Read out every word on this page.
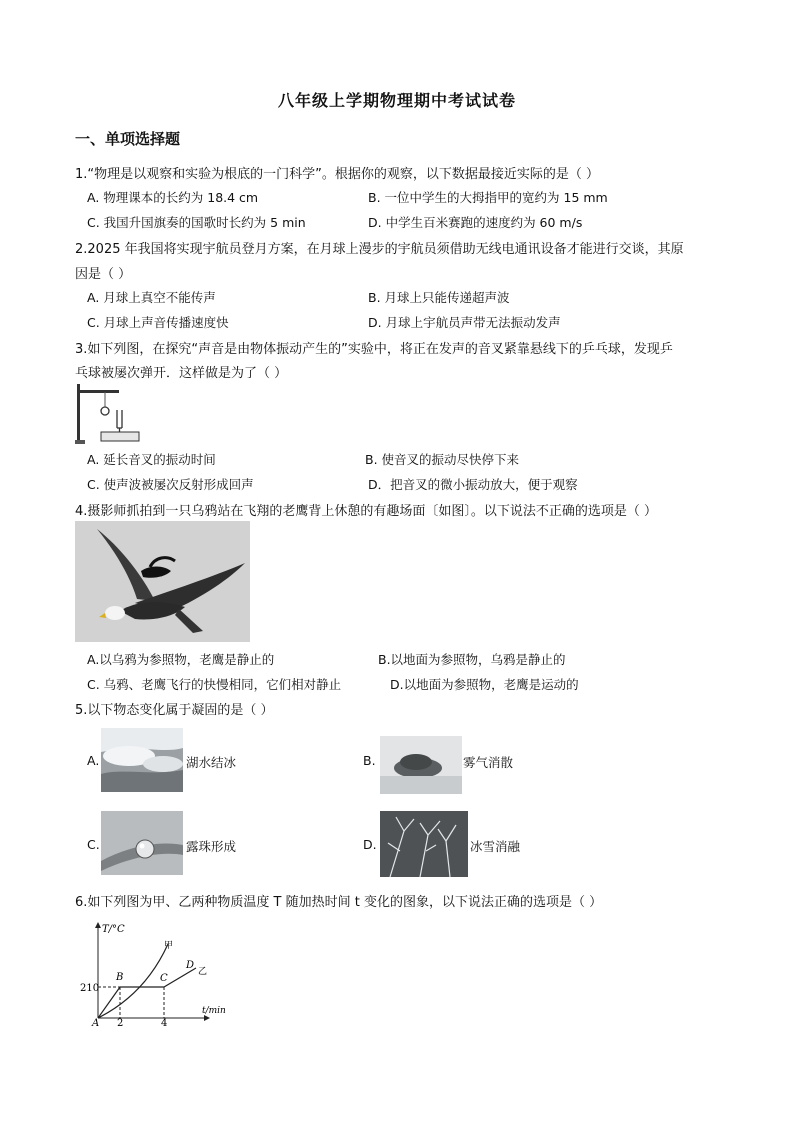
八年级上学期物理期中考试试卷
一、单项选择题
1.“物理是以观察和实验为根底的一门科学”。根据你的观察，以下数据最接近实际的是（ ）
A. 物理课本的长约为 18.4 cm	B. 一位中学生的大拇指甲的宽约为 15 mm
C. 我国升国旗奏的国歌时长约为 5 min	D. 中学生百米赛跑的速度约为 60 m/s
2.2025 年我国将实现宇航员登月方案，在月球上漫步的宇航员须借助无线电通讯设备才能进行交谈，其原
因是（ ）
A. 月球上真空不能传声	B. 月球上只能传递超声波
C. 月球上声音传播速度快	D. 月球上宇航员声带无法振动发声
3.如下列图，在探究“声音是由物体振动产生的”实验中，将正在发声的音叉紧靠悬线下的乒乓球，发现乒
乓球被屡次弹开．这样做是为了（ ）
A. 延长音叉的振动时间	B. 使音叉的振动尽快停下来
C. 使声波被屡次反射形成回声	D．把音叉的微小振动放大，便于观察
4.摄影师抓拍到一只乌鸦站在飞翔的老鹰背上休憩的有趣场面〔如图〕。以下说法不正确的选项是（ ）
A.以乌鸦为参照物，老鹰是静止的	B.以地面为参照物，乌鸦是静止的
C. 乌鸦、老鹰飞行的快慢相同，它们相对静止	D.以地面为参照物，老鹰是运动的
5.以下物态变化属于凝固的是（ ）
A.	湖水结冰	B.	雾气消散
C.	露珠形成	D.	冰雪消融
6.如下列图为甲、乙两种物质温度 T 随加热时间 t 变化的图象，以下说法正确的选项是（ ）
T/°C
t/min
210
2	4
A
B	C
D
甲
乙
